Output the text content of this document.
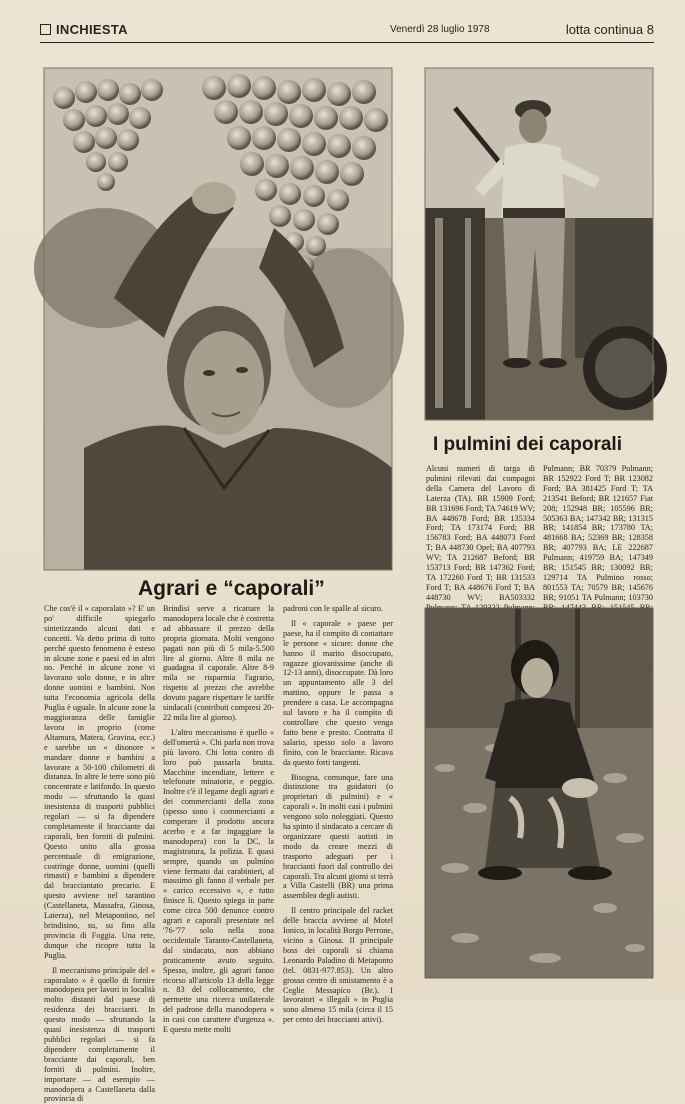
INCHIESTA	Venerdì 28 luglio 1978	lotta continua 8
I pulmini dei caporali

Alcuni numeri di targa di pulmini rilevati dai compagni della Camera del Lavoro di Laterza (TA). BR 15909 Ford; BR 131696 Ford; TA 74619 WV; BA 448678 Ford; BR 135334 Ford; TA 173174 Ford; BR 156783 Ford; BA 448073 Ford T; BA 448730 Opel; BA 407793 WV; TA 212687 Beford; BR 153713 Ford; BR 147362 Ford; TA 172260 Ford T; BR 131533 Ford T; BA 448676 Ford T; BA 448730 WV; BA503332

Pulmann; BR 70379 Pulmann; BR 152922 Ford T; BR 123082 Ford; BA 381425 Ford T; TA 213541 Beford; BR 121657 Fiat 208; 152948 BR; 105596 BR; 505363 BA; 147342 BR; 131315 BR; 141854 BR; 173780 TA; 481668 BA; 52369 BR; 128358 BR; 407793 BA; LE 222687 Pulmann; 419759 BA; 147349 BR; 151545 BR; 130092 BR; 129714 TA Pulmino rosso; 801553 TA; 70579 BR; 145676 BR; 91051 TA Pulmann; 103730

Agrari e “caporali”

Che cos'è il « caporalato »? E' un po' difficile spiegarlo sintetizzando alcuni dati e concetti. Va detto prima di tutto perché questo fenomeno è esteso in alcune zone e paesi ed in altri no. Perché in alcune zone vi lavorano solo donne, e in altre donne uomini e bambini. Non tutta l'economia agricola della Puglia è uguale. In alcune zone la maggioranza delle famiglie lavora in proprio (come Altamura, Matera, Gravina, ecc.) e sarebbe un « disonore » mandare donne e bambini a lavorare a 50-100 chilometri di distanza. In altre le terre sono più concentrate e latifondo. In questo modo — sfruttando la quasi inesistenza di trasporti pubblici regolari — si fa dipendere completamente il bracciante dai caporali, ben forniti di pulmini. Questo unito alla grossa percentuale di emigrazione, costringe donne, uomini (quelli rimasti) e bambini a dipendere dal bracciantato precario. E questo avviene nel tarantino (Castellaneta, Massafra, Ginosa, Laterza), nel Metapontino, nel brindisino, su, su fino alla provincia di Foggia. Una rete, dunque che ricopre tutta la Puglia.

Il meccanismo principale del « caporalato » è quello di fornire manodopera per lavori in località molto distanti dal paese di residenza dei braccianti. In questo modo — sfruttando la quasi inesistenza di trasporti pubblici regolari — si fa dipendere completamente il bracciante dai caporali, ben forniti di pulmini. Inoltre, importare — ad esempio — manodopera a Castellaneta dalla provincia di

Brindisi serve a ricattare la manodopera locale che è costretta ad abbassare il prezzo della propria giornata. Molti vengono pagati non più di 5 mila-5.500 lire al giorno. Altre 8 mila ne guadagna il caporale. Altre 8-9 mila ne risparmia l'agrario, rispetto al prezzo che avrebbe dovuto pagare rispettare le tariffe sindacali (contributi compresi 20-22 mila lire al giorno).

L'altro meccanismo è quello « dell'omertà ». Chi parla non trova più lavoro. Chi lotta contro di loro può passarla brutta. Macchine incendiate, lettere e telefonate minatorie, e peggio. Inoltre c'è il legame degli agrari e dei commercianti della zona (spesso sono i commercianti a comperare il prodotto ancora acerbo e a far ingaggiare la manodopera) con la DC, la magistratura, la polizia. E quasi sempre, quando un pulmino viene fermato dai carabinieri, al massimo gli fanno il verbale per « carico eccessivo », e tutto finisce lì. Questo spiega in parte come circa 500 denunce contro agrari e caporali presentate nel '76-'77 solo nella zona occidentale Taranto-Castellaneta, dal sindacato, non abbiano praticamente avuto seguito. Spesso, inoltre, gli agrari fanno ricorso all'articolo 13 della legge n. 83 del collocamento, che permette una ricerca unilaterale del padrone della manodopera « in casi con carattere d'urgenza ». E questo mette molti

padroni con le spalle al sicuro.

Il « caporale » paese per paese, ha il compito di contattare le persone « sicure: donne che hanno il marito disoccupato, ragazze giovanissime (anche di 12-13 anni), disoccupate. Dà loro un appuntamento alle 3 del mattino, oppure le passa a prendere a casa. Le accompagna sul lavoro e ha il compito di controllare che questo venga fatto bene e presto. Contratta il salario, spesso solo a lavoro finito, con le bracciante. Ricava da questo forti tangenti.

Bisogna, comunque, fare una distinzione tra guidatori (o proprietari di pulmini) e « caporali ». In molti casi i pulmini vengono solo noleggiati. Questo ha spinto il sindacato a cercare di organizzare questi autisti in modo da creare mezzi di trasporto adeguati per i braccianti fuori dal controllo dei caporali. Tra alcuni giorni si terrà a Villa Castelli (BR) una prima assemblea degli autisti.

Il centro principale del racket delle braccia avviene al Motel Ionico, in località Borgo Perrone, vicino a Ginosa. Il principale boss dei caporali si chiama Leonardo Paladino di Metaponto (tel. 0831-977.853). Un altro grosso centro di smistamento è a Ceglie Messapico (Br.). I lavoratori « illegali » in Puglia sono almeno 15 mila (circa il 15 per cento dei braccianti attivi).
